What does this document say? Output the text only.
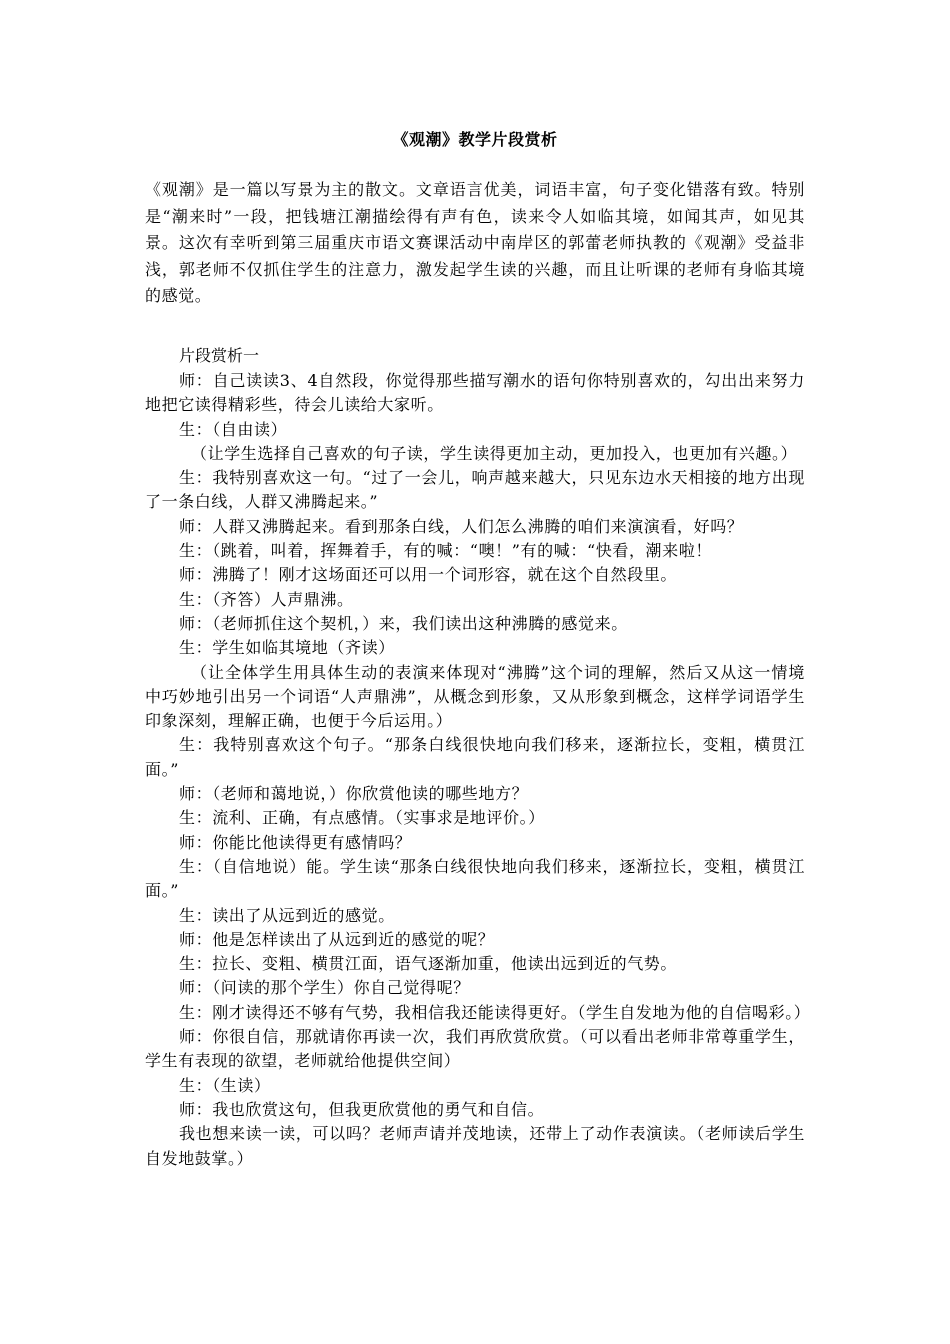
《观潮》教学片段赏析

《观潮》是一篇以写景为主的散文。文章语言优美，词语丰富，句子变化错落有致。特别是“潮来时”一段，把钱塘江潮描绘得有声有色，读来令人如临其境，如闻其声，如见其景。这次有幸听到第三届重庆市语文赛课活动中南岸区的郭蕾老师执教的《观潮》受益非浅，郭老师不仅抓住学生的注意力，激发起学生读的兴趣，而且让听课的老师有身临其境的感觉。

片段赏析一

师：自己读读3、4自然段，你觉得那些描写潮水的语句你特别喜欢的，勾出出来努力地把它读得精彩些，待会儿读给大家听。

生：（自由读）

（让学生选择自己喜欢的句子读，学生读得更加主动，更加投入，也更加有兴趣。）

生：我特别喜欢这一句。“过了一会儿，响声越来越大，只见东边水天相接的地方出现了一条白线，人群又沸腾起来。”

师：人群又沸腾起来。看到那条白线，人们怎么沸腾的咱们来演演看，好吗？

生：（跳着，叫着，挥舞着手，有的喊：“噢！”有的喊：“快看，潮来啦！

师：沸腾了！刚才这场面还可以用一个词形容，就在这个自然段里。

生：（齐答）人声鼎沸。

师：（老师抓住这个契机，）来，我们读出这种沸腾的感觉来。

生：学生如临其境地（齐读）

（让全体学生用具体生动的表演来体现对“沸腾”这个词的理解，然后又从这一情境中巧妙地引出另一个词语“人声鼎沸”，从概念到形象，又从形象到概念，这样学词语学生印象深刻，理解正确，也便于今后运用。）

生：我特别喜欢这个句子。“那条白线很快地向我们移来，逐渐拉长，变粗，横贯江面。”

师：（老师和蔼地说，）你欣赏他读的哪些地方？

生：流利、正确，有点感情。（实事求是地评价。）

师：你能比他读得更有感情吗？

生：（自信地说）能。学生读“那条白线很快地向我们移来，逐渐拉长，变粗，横贯江面。”

生：读出了从远到近的感觉。

师：他是怎样读出了从远到近的感觉的呢？

生：拉长、变粗、横贯江面，语气逐渐加重，他读出远到近的气势。

师：（问读的那个学生）你自己觉得呢？

生：刚才读得还不够有气势，我相信我还能读得更好。（学生自发地为他的自信喝彩。）

师：你很自信，那就请你再读一次，我们再欣赏欣赏。（可以看出老师非常尊重学生，学生有表现的欲望，老师就给他提供空间）

生：（生读）

师：我也欣赏这句，但我更欣赏他的勇气和自信。

我也想来读一读，可以吗？老师声请并茂地读，还带上了动作表演读。（老师读后学生自发地鼓掌。）
